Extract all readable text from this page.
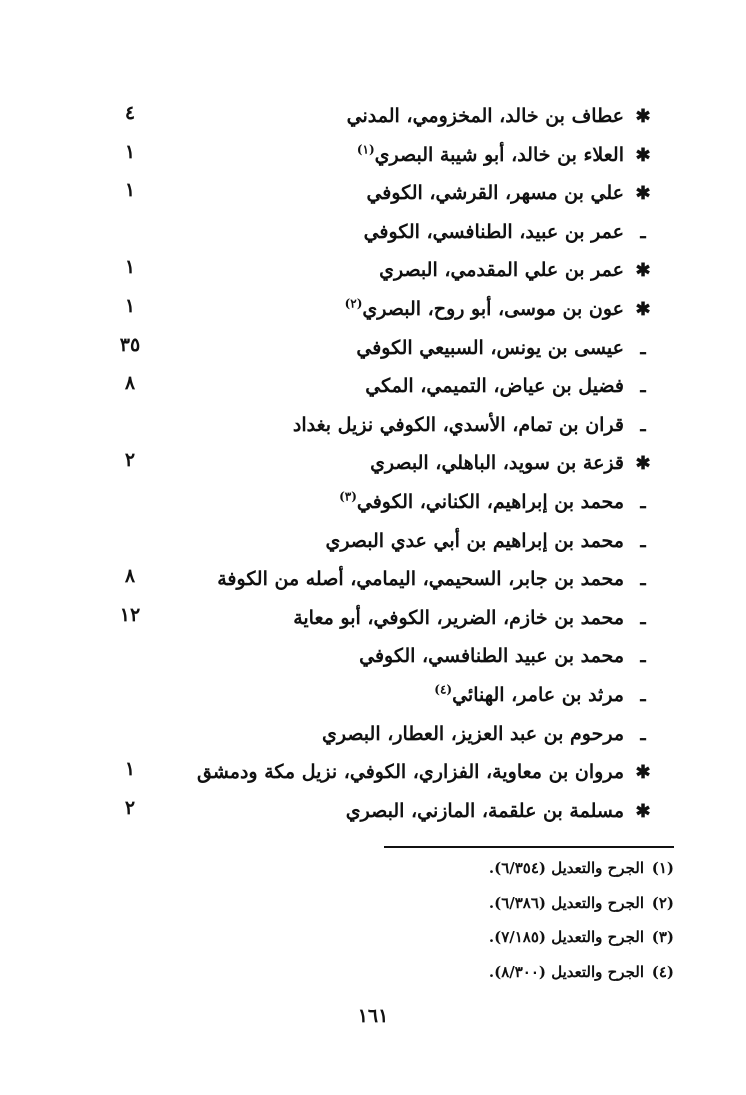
✱عطاف بن خالد، المخزومي، المدني
٤
✱العلاء بن خالد، أبو شيبة البصري$^{(١)}$
١
✱علي بن مسهر، القرشي، الكوفي
١
ـعمر بن عبيد، الطنافسي، الكوفي
✱عمر بن علي المقدمي، البصري
١
✱عون بن موسى، أبو روح، البصري$^{(٢)}$
١
ـعيسى بن يونس، السبيعي الكوفي
٣٥
ـفضيل بن عياض، التميمي، المكي
٨
ـقران بن تمام، الأسدي، الكوفي نزيل بغداد
✱قزعة بن سويد، الباهلي، البصري
٢
ـمحمد بن إبراهيم، الكناني، الكوفي$^{(٣)}$
ـمحمد بن إبراهيم بن أبي عدي البصري
ـمحمد بن جابر، السحيمي، اليمامي، أصله من الكوفة
٨
ـمحمد بن خازم، الضرير، الكوفي، أبو معاية
١٢
ـمحمد بن عبيد الطنافسي، الكوفي
ـمرثد بن عامر، الهنائي$^{(٤)}$
ـمرحوم بن عبد العزيز، العطار، البصري
✱مروان بن معاوية، الفزاري، الكوفي، نزيل مكة ودمشق
١
✱مسلمة بن علقمة، المازني، البصري
٢
(١)الجرح والتعديل (٦/٣٥٤).
(٢)الجرح والتعديل (٦/٣٨٦).
(٣)الجرح والتعديل (٧/١٨٥).
(٤)الجرح والتعديل (٨/٣٠٠).
١٦١
